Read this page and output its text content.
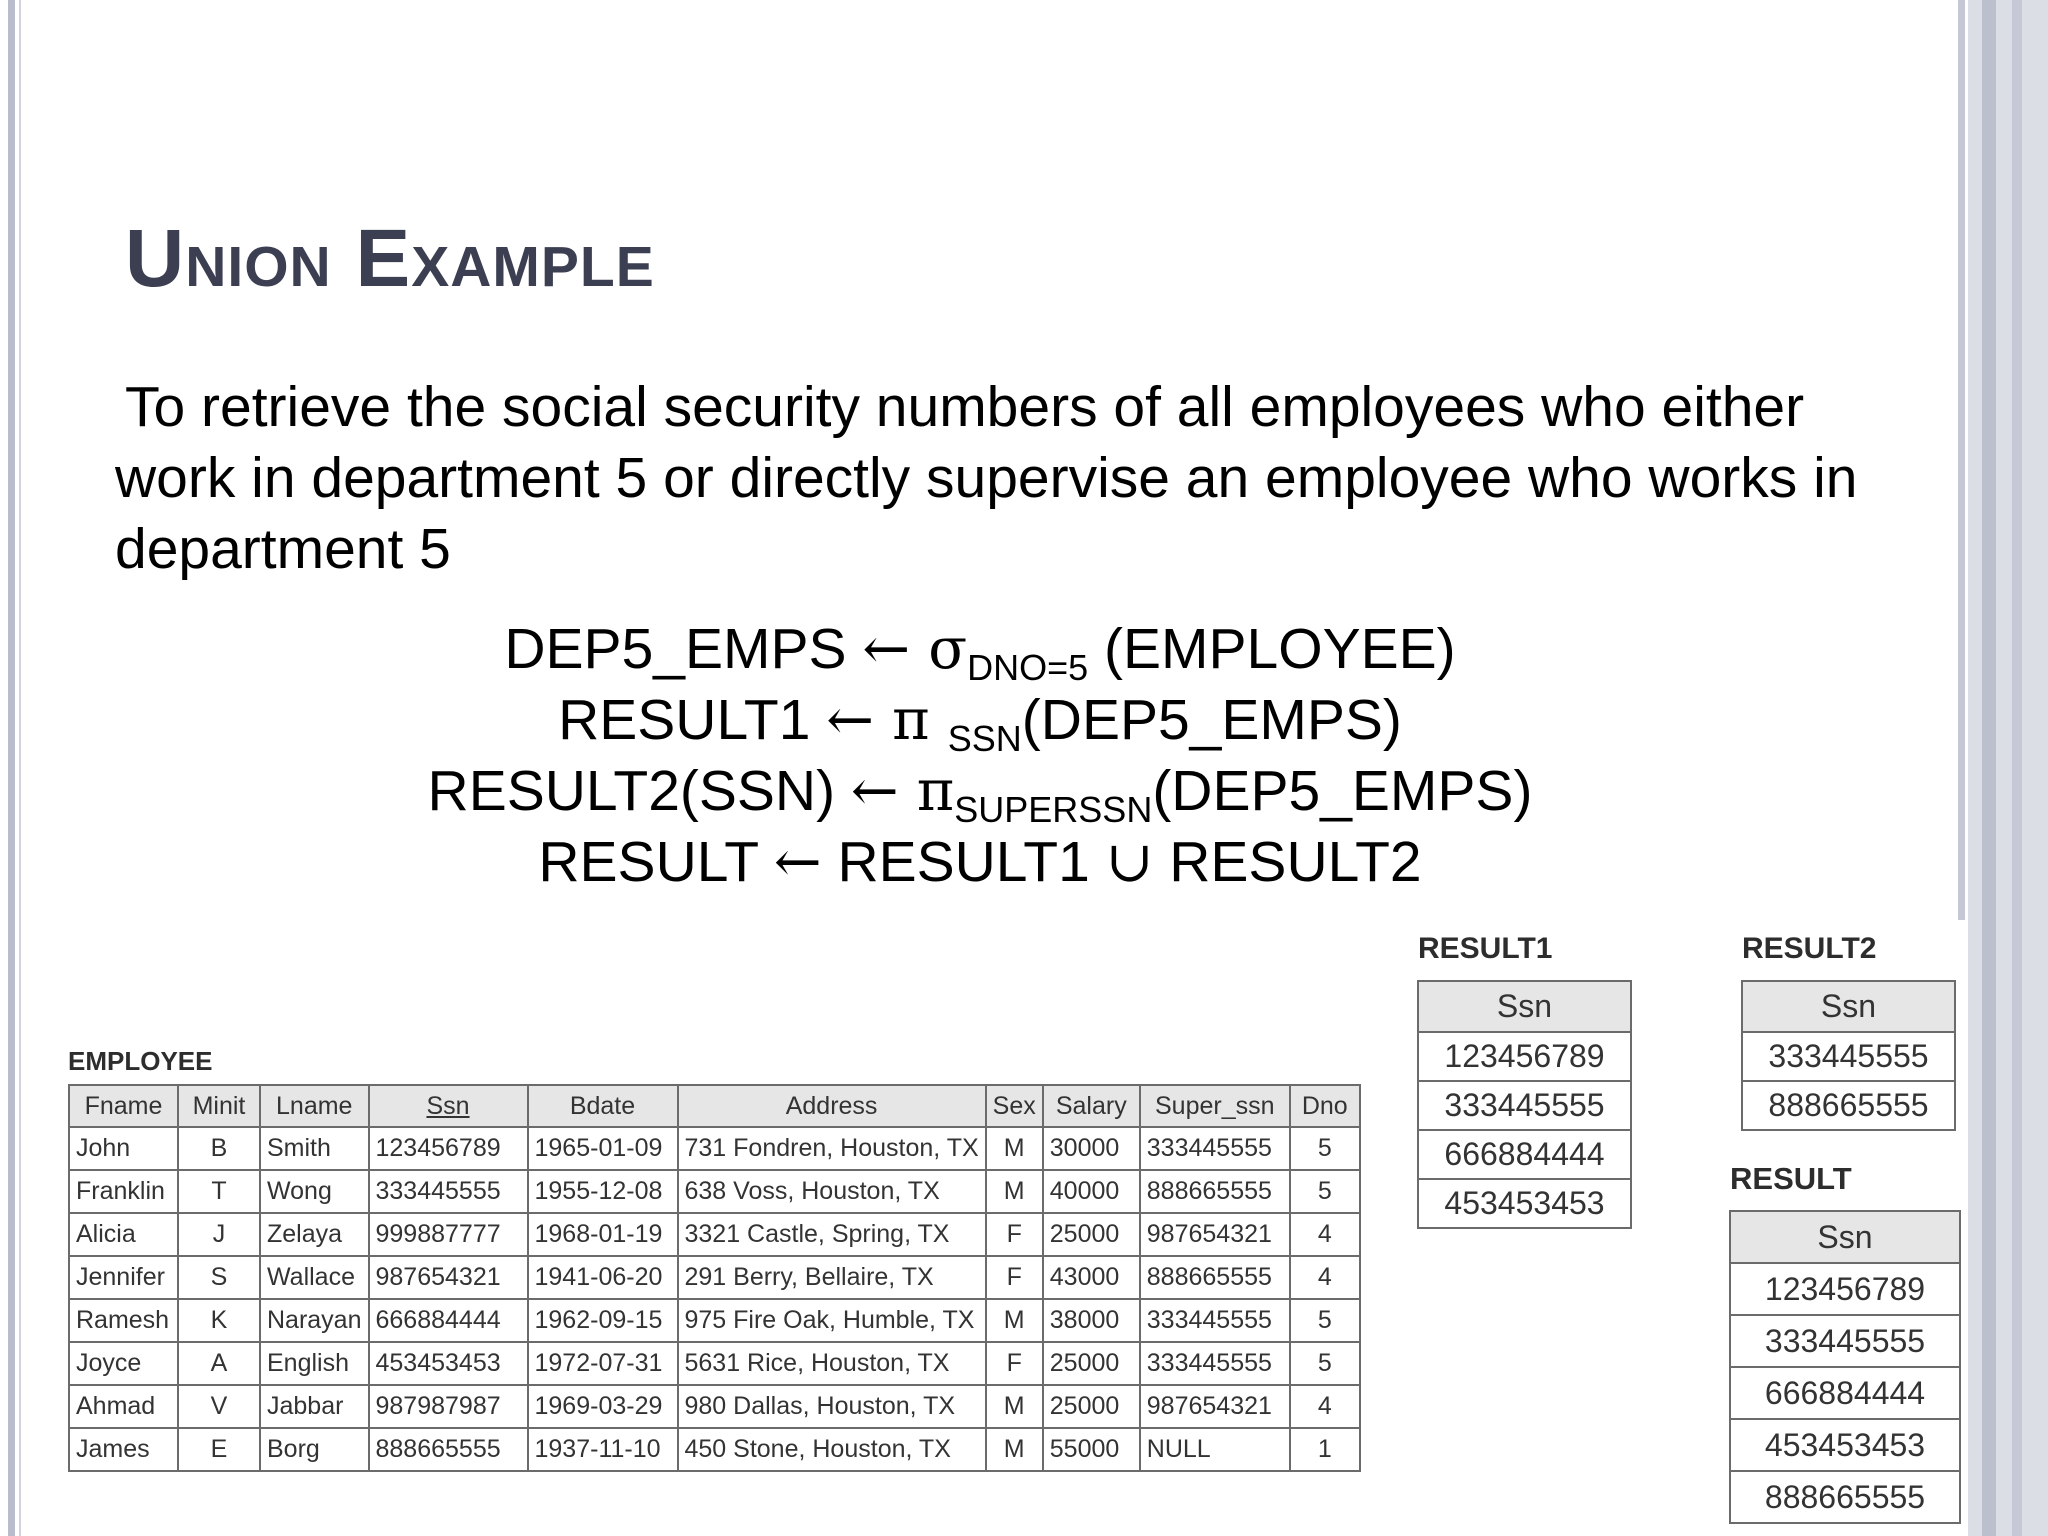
Union Example
To retrieve the social security numbers of all employees who either work in department 5 or directly supervise an employee who works in department 5
DEP5_EMPS ← $\sigma_{DNO=5}$ (EMPLOYEE)
RESULT1 ← π $_{SSN}$(DEP5_EMPS)
RESULT2(SSN) ← $\pi_{SUPERSSN}(DEP5\_EMPS)$
RESULT ← RESULT1 ∪ RESULT2
EMPLOYEE
Fname	Minit	Lname	Ssn	Bdate	Address	Sex	Salary	Super_ssn	Dno
John	B	Smith	123456789	1965-01-09	731 Fondren, Houston, TX	M	30000	333445555	5
Franklin	T	Wong	333445555	1955-12-08	638 Voss, Houston, TX	M	40000	888665555	5
Alicia	J	Zelaya	999887777	1968-01-19	3321 Castle, Spring, TX	F	25000	987654321	4
Jennifer	S	Wallace	987654321	1941-06-20	291 Berry, Bellaire, TX	F	43000	888665555	4
Ramesh	K	Narayan	666884444	1962-09-15	975 Fire Oak, Humble, TX	M	38000	333445555	5
Joyce	A	English	453453453	1972-07-31	5631 Rice, Houston, TX	F	25000	333445555	5
Ahmad	V	Jabbar	987987987	1969-03-29	980 Dallas, Houston, TX	M	25000	987654321	4
James	E	Borg	888665555	1937-11-10	450 Stone, Houston, TX	M	55000	NULL	1
RESULT1
Ssn
123456789
333445555
666884444
453453453
RESULT2
Ssn
333445555
888665555
RESULT
Ssn
123456789
333445555
666884444
453453453
888665555
